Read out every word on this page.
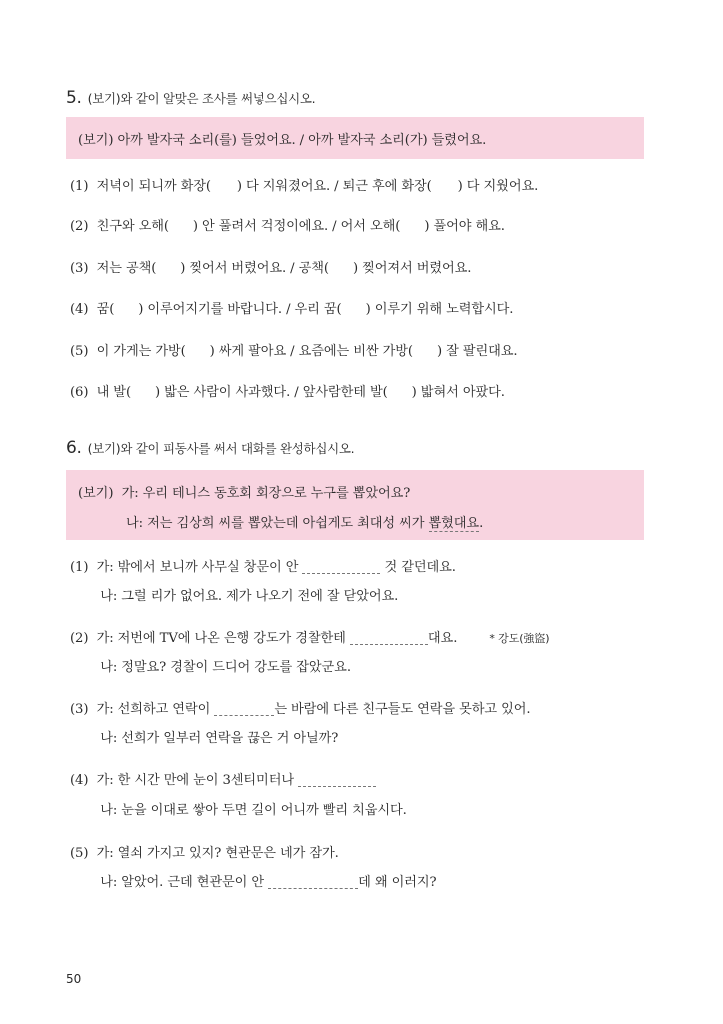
5. (보기)와 같이 알맞은 조사를 써넣으십시오.
(보기) 아까 발자국 소리(를) 들었어요. / 아까 발자국 소리(가) 들렸어요.
(1) 저녁이 되니까 화장( ) 다 지워졌어요. / 퇴근 후에 화장( ) 다 지웠어요.
(2) 친구와 오해( ) 안 풀려서 걱정이에요. / 어서 오해( ) 풀어야 해요.
(3) 저는 공책( ) 찢어서 버렸어요. / 공책( ) 찢어져서 버렸어요.
(4) 꿈( ) 이루어지기를 바랍니다. / 우리 꿈( ) 이루기 위해 노력합시다.
(5) 이 가게는 가방( ) 싸게 팔아요 / 요즘에는 비싼 가방( ) 잘 팔린대요.
(6) 내 발( ) 밟은 사람이 사과했다. / 앞사람한테 발( ) 밟혀서 아팠다.
6. (보기)와 같이 피동사를 써서 대화를 완성하십시오.
(보기) 가: 우리 테니스 동호회 회장으로 누구를 뽑았어요?
나: 저는 김상희 씨를 뽑았는데 아쉽게도 최대성 씨가 뽑혔대요.
(1) 가: 밖에서 보니까 사무실 창문이 안	것 같던데요.
나: 그럴 리가 없어요. 제가 나오기 전에 잘 닫았어요.
(2) 가: 저번에 TV에 나온 은행 강도가 경찰한테	대요.	* 강도(強盜)
나: 정말요? 경찰이 드디어 강도를 잡았군요.
(3) 가: 선희하고 연락이	는 바람에 다른 친구들도 연락을 못하고 있어.
나: 선희가 일부러 연락을 끊은 거 아닐까?
(4) 가: 한 시간 만에 눈이 3센티미터나
나: 눈을 이대로 쌓아 두면 길이 어니까 빨리 치웁시다.
(5) 가: 열쇠 가지고 있지? 현관문은 네가 잠가.
나: 알았어. 근데 현관문이 안	데 왜 이러지?
50
